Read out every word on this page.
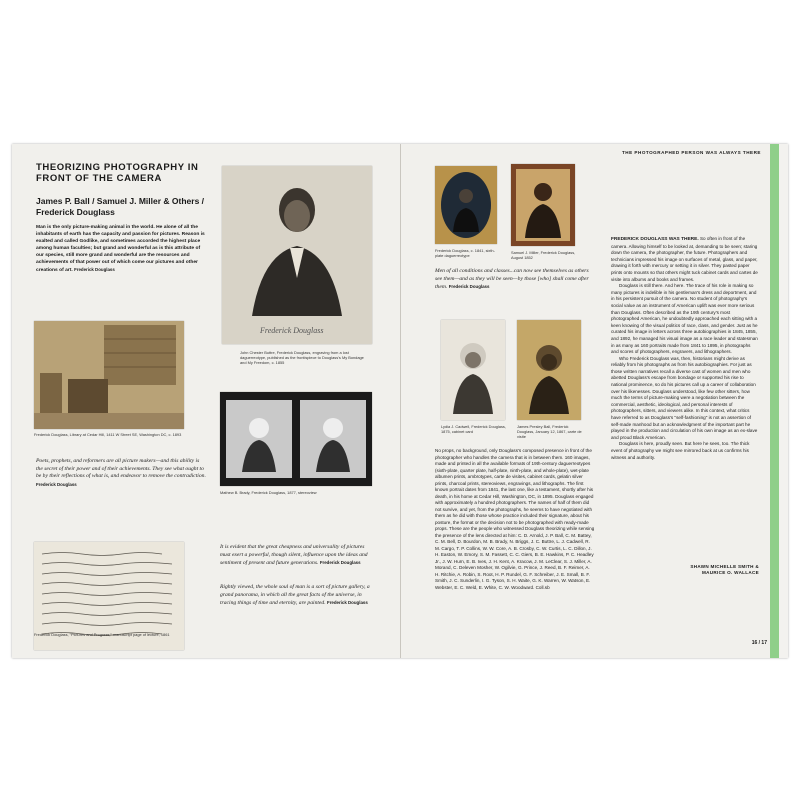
THEORIZING PHOTOGRAPHY IN FRONT OF THE CAMERA
James P. Ball / Samuel J. Miller & Others / Frederick Douglass
Man is the only picture-making animal in the world. He alone of all the inhabitants of earth has the capacity and passion for pictures. Reason is exalted and called Godlike, and sometimes accorded the highest place among human faculties; but grand and wonderful as is this attribute of our species, still more grand and wonderful are the resources and achievements of that power out of which come our pictures and other creations of art. Frederick Douglass
Frederick Douglass
John Chester Buttre, Frederick Douglass, engraving from a lost daguerreotype, published as the frontispiece to Douglass's My Bondage and My Freedom, c. 1855
Frederick Douglass, Library at Cedar Hill, 1411 W Street SE, Washington DC, c. 1893
Poets, prophets, and reformers are all picture makers—and this ability is the secret of their power and of their achievements. They see what ought to be by their reflections of what is, and endeavor to remove the contradiction. Frederick Douglass
Mathew B. Brady, Frederick Douglass, 1877, stereoview
Frederick Douglass, "Pictures and Progress," manuscript page of lecture, 1861
It is evident that the great cheapness and universality of pictures must exert a powerful, though silent, influence upon the ideas and sentiment of present and future generations. Frederick Douglass
Rightly viewed, the whole soul of man is a sort of picture gallery, a grand panorama, in which all the great facts of the universe, in tracing things of time and eternity, are painted. Frederick Douglass
THE PHOTOGRAPHED PERSON WAS ALWAYS THERE
Frederick Douglass, c. 1841, sixth-plate daguerreotype
Samuel J. Miller, Frederick Douglass, August 1852
Men of all conditions and classes...can now see themselves as others see them—and as they will be seen—by those [who] shall come after them. Frederick Douglass
Lydia J. Cadwell, Frederick Douglass, 1875, cabinet card
James Presley Ball, Frederick Douglass, January 12, 1867, carte de visite
No props, no background, only Douglass's composed presence in front of the photographer who handles the camera that is in between them. 160 images, made and printed in all the available formats of 19th-century daguerreotypes (sixth-plate, quarter plate, half-plate, ninth-plate, and whole-plate), wet-plate albumen prints, ambrotypes, carte de visites, cabinet cards, gelatin silver prints, charcoal prints, stereoviews, engravings, and lithographs. The first known portrait dates from 1841, the last one, like a testament, shortly after his death, in his home at Cedar Hill, Washington, DC, in 1895. Douglass engaged with approximately a hundred photographers. The names of half of them did not survive, and yet, from the photographs, he seems to have negotiated with them as he did with those whose practice included their signature, about his posture, the format or the decision not to be photographed with ready-made props. These are the people who witnessed Douglass theorizing while sensing the presence of the lens directed at him: C. D. Arnold, J. P. Ball, C. M. Battey, C. M. Bell, D. Bourdon, M. B. Brady, N. Briggs, J. C. Buttre, L. J. Cadwell, R. M. Cargo, T. P. Collins, W. W. Core, A. B. Crosby, C. W. Curtis, L. C. Dillon, J. H. Easton, W. Emory, S. M. Fassett, C. C. Giers, B. E. Hawkins, P. C. Headley Jr., J. W. Hurn, E. B. Ives, J. H. Kent, A. Kracow, J. M. LeClear, S. J. Miller, A. Morand, C. Deleven Mosher, W. Ogilvie, G. Prince, J. Reed, B. F. Reimer, A. H. Ritchie, A. Robin, S. Root, H. P. Rundel, G. F. Schreiber, J. E. Small, B. F. Smith, J. C. Sunderlin, I. G. Tyson, S. H. Waite, G. K. Warren, W. Watson, E. Webster, E. C. Weld, E. White, C. W. Woodward. Coll.sb
FREDERICK DOUGLASS WAS THERE. So often in front of the camera. Allowing himself to be looked at, demanding to be seen; staring down the camera, the photographer, the future. Photographers and technicians impressed his image on surfaces of metal, glass, and paper, drawing it forth with mercury or setting it in silver. They pasted paper prints onto mounts so that others might tuck cabinet cards and cartes de visite into albums and books and frames.
Douglass is still there. And here. The trace of his role in making so many pictures is indelible in his gentleman's dress and deportment, and in his persistent pursuit of the camera. No student of photography's social value as an instrument of American uplift was ever more serious than Douglass. Often described as the 19th century's most photographed American, he undoubtedly approached each sitting with a keen knowing of the visual politics of race, class, and gender. Just as he curated his image in letters across three autobiographies in 1845, 1855, and 1892, he managed his visual image as a race leader and statesman in as many as 160 portraits made from 1841 to 1895, in photographs and scores of photographers, engravers, and lithographers.
Who Frederick Douglass was, then, historians might derive as reliably from his photographs as from his autobiographies. For just as those written narratives recall a diverse cast of women and men who abetted Douglass's escape from bondage or supported his rise to national prominence, so do his pictures call up a career of collaboration over his likenesses. Douglass understood, like few other sitters, how much the terms of picture-making were a negotiation between the commercial, aesthetic, ideological, and personal interests of photographers, sitters, and viewers alike. In this context, what critics have referred to as Douglass's "self-fashioning" is not an assertion of self-made manhood but an acknowledgment of the important part he played in the production and circulation of his own image as an ex-slave and proud Black American.
Douglass is here, proudly seen. But here he sees, too. The thick event of photography we might see mirrored back at us confirms his witness and authority.
SHAWN MICHELLE SMITH & MAURICE O. WALLACE
16 / 17
